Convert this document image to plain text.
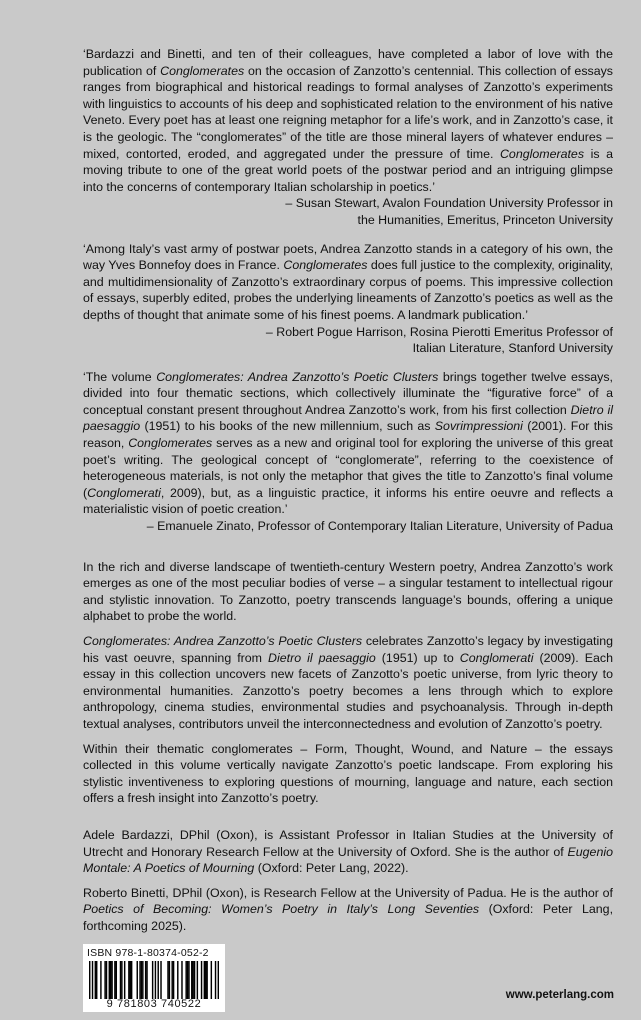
‘Bardazzi and Binetti, and ten of their colleagues, have completed a labor of love with the publication of Conglomerates on the occasion of Zanzotto’s centennial. This collection of essays ranges from biographical and historical readings to formal analyses of Zanzotto’s experiments with linguistics to accounts of his deep and sophisticated relation to the environment of his native Veneto. Every poet has at least one reigning metaphor for a life’s work, and in Zanzotto’s case, it is the geologic. The “conglomerates” of the title are those mineral layers of whatever endures – mixed, contorted, eroded, and aggregated under the pressure of time. Conglomerates is a moving tribute to one of the great world poets of the postwar period and an intriguing glimpse into the concerns of contemporary Italian scholarship in poetics.’

– Susan Stewart, Avalon Foundation University Professor in

the Humanities, Emeritus, Princeton University

‘Among Italy’s vast army of postwar poets, Andrea Zanzotto stands in a category of his own, the way Yves Bonnefoy does in France. Conglomerates does full justice to the complexity, originality, and multidimensionality of Zanzotto’s extraordinary corpus of poems. This impressive collection of essays, superbly edited, probes the underlying lineaments of Zanzotto’s poetics as well as the depths of thought that animate some of his finest poems. A landmark publication.’

– Robert Pogue Harrison, Rosina Pierotti Emeritus Professor of

Italian Literature, Stanford University

‘The volume Conglomerates: Andrea Zanzotto’s Poetic Clusters brings together twelve essays, divided into four thematic sections, which collectively illuminate the “figurative force” of a conceptual constant present throughout Andrea Zanzotto’s work, from his first collection Dietro il paesaggio (1951) to his books of the new millennium, such as Sovrimpressioni (2001). For this reason, Conglomerates serves as a new and original tool for exploring the universe of this great poet’s writing. The geological concept of “conglomerate”, referring to the coexistence of heterogeneous materials, is not only the metaphor that gives the title to Zanzotto’s final volume (Conglomerati, 2009), but, as a linguistic practice, it informs his entire oeuvre and reflects a materialistic vision of poetic creation.’

– Emanuele Zinato, Professor of Contemporary Italian Literature, University of Padua

In the rich and diverse landscape of twentieth-century Western poetry, Andrea Zanzotto’s work emerges as one of the most peculiar bodies of verse – a singular testament to intellectual rigour and stylistic innovation. To Zanzotto, poetry transcends language’s bounds, offering a unique alphabet to probe the world.

Conglomerates: Andrea Zanzotto’s Poetic Clusters celebrates Zanzotto’s legacy by investigating his vast oeuvre, spanning from Dietro il paesaggio (1951) up to Conglomerati (2009). Each essay in this collection uncovers new facets of Zanzotto’s poetic universe, from lyric theory to environmental humanities. Zanzotto’s poetry becomes a lens through which to explore anthropology, cinema studies, environmental studies and psychoanalysis. Through in-depth textual analyses, contributors unveil the interconnectedness and evolution of Zanzotto’s poetry.

Within their thematic conglomerates – Form, Thought, Wound, and Nature – the essays collected in this volume vertically navigate Zanzotto’s poetic landscape. From exploring his stylistic inventiveness to exploring questions of mourning, language and nature, each section offers a fresh insight into Zanzotto’s poetry.

Adele Bardazzi, DPhil (Oxon), is Assistant Professor in Italian Studies at the University of Utrecht and Honorary Research Fellow at the University of Oxford. She is the author of Eugenio Montale: A Poetics of Mourning (Oxford: Peter Lang, 2022).

Roberto Binetti, DPhil (Oxon), is Research Fellow at the University of Padua. He is the author of Poetics of Becoming: Women’s Poetry in Italy’s Long Seventies (Oxford: Peter Lang, forthcoming 2025).

ISBN 978-1-80374-052-2
9 781803 740522
www.peterlang.com
